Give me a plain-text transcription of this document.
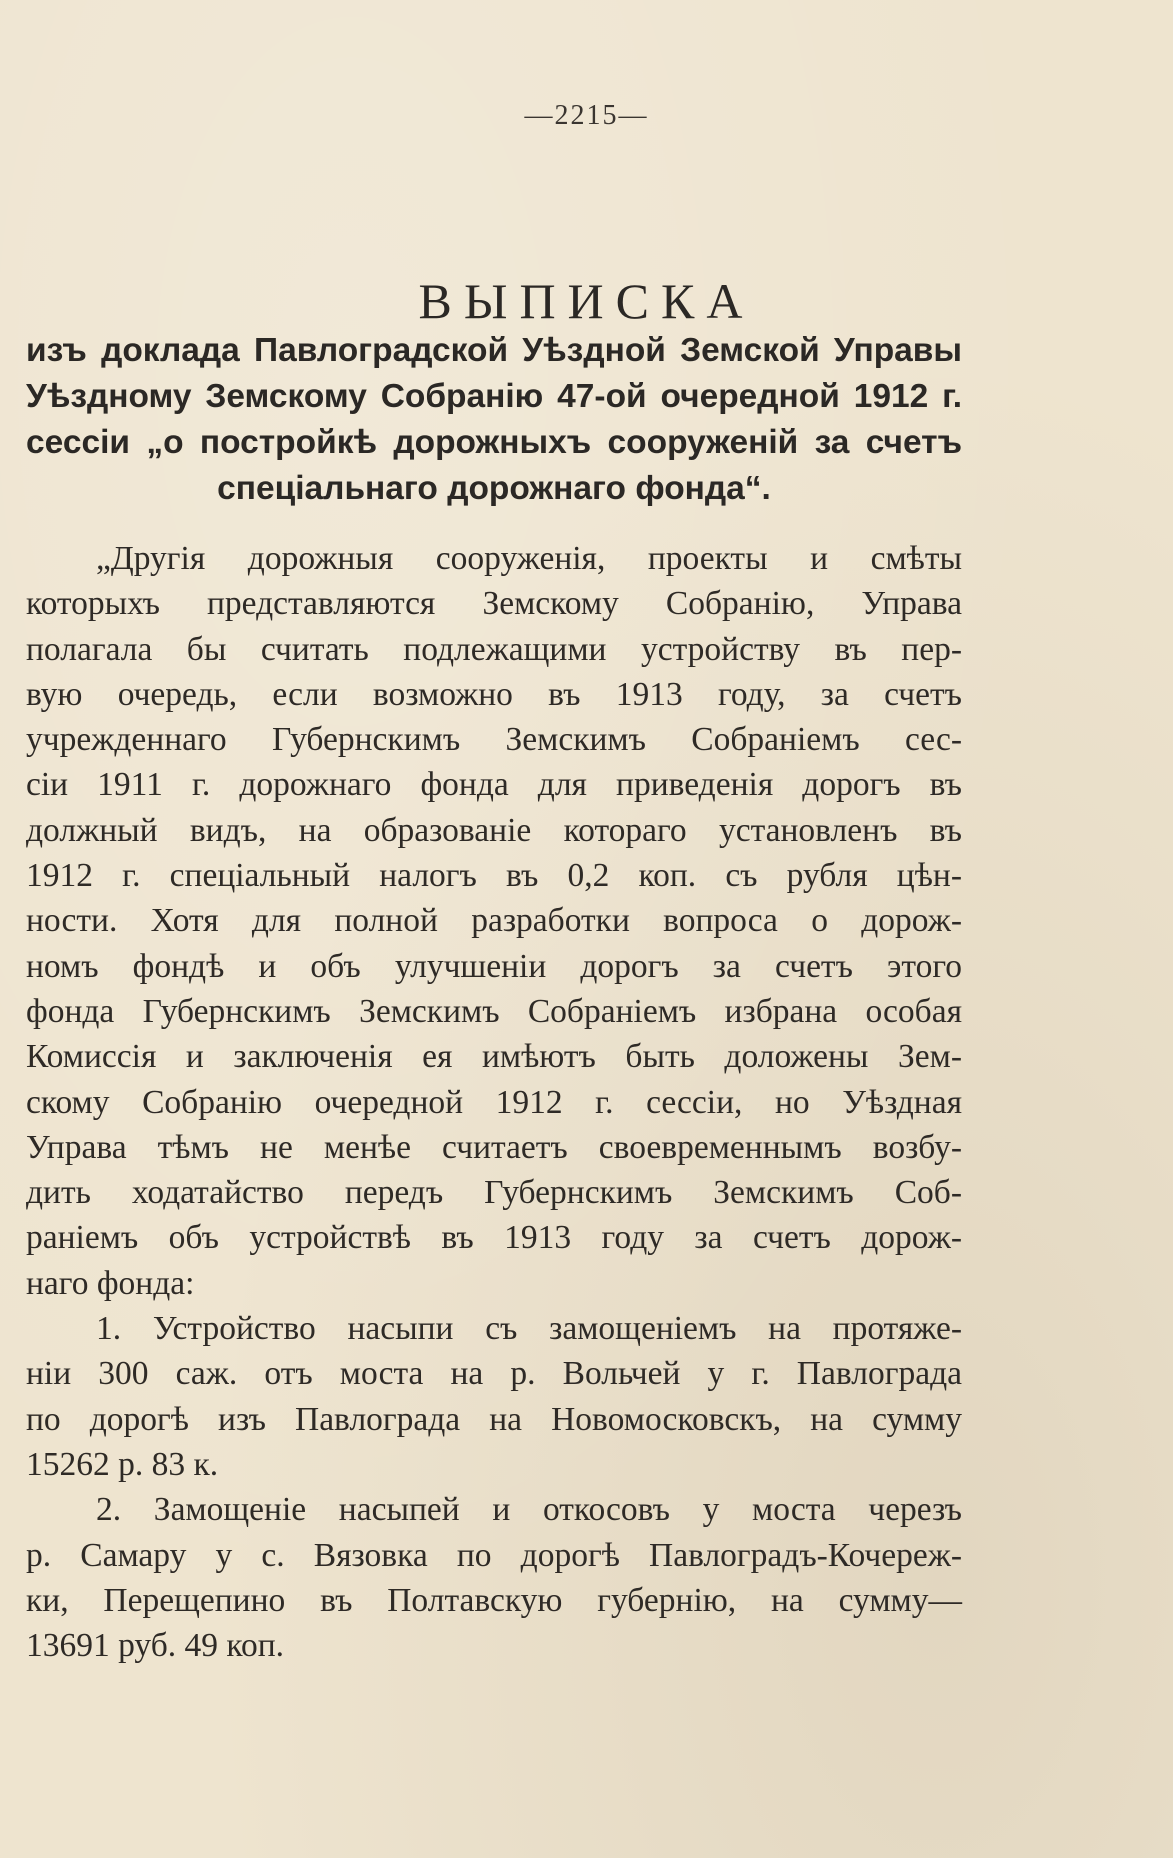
—2215—
ВЫПИСКА
изъ доклада Павлоградской Уѣздной Земской Управы
Уѣздному Земскому Собранію 47-ой очередной 1912 г.
сессіи „о постройкѣ дорожныхъ сооруженій за счетъ
спеціальнаго дорожнаго фонда“.
„Другія дорожныя сооруженія, проекты и смѣты
которыхъ представляются Земскому Собранію, Управа
полагала бы считать подлежащими устройству въ пер-
вую очередь, если возможно въ 1913 году, за счетъ
учрежденнаго Губернскимъ Земскимъ Собраніемъ сес-
сіи 1911 г. дорожнаго фонда для приведенія дорогъ въ
должный видъ, на образованіе котораго установленъ въ
1912 г. спеціальный налогъ въ 0,2 коп. съ рубля цѣн-
ности. Хотя для полной разработки вопроса о дорож-
номъ фондѣ и объ улучшеніи дорогъ за счетъ этого
фонда Губернскимъ Земскимъ Собраніемъ избрана особая
Комиссія и заключенія ея имѣютъ быть доложены Зем-
скому Собранію очередной 1912 г. сессіи, но Уѣздная
Управа тѣмъ не менѣе считаетъ своевременнымъ возбу-
дить ходатайство передъ Губернскимъ Земскимъ Соб-
раніемъ объ устройствѣ въ 1913 году за счетъ дорож-
наго фонда:
1. Устройство насыпи съ замощеніемъ на протяже-
ніи 300 саж. отъ моста на р. Вольчей у г. Павлограда
по дорогѣ изъ Павлограда на Новомосковскъ, на сумму
15262 р. 83 к.
2. Замощеніе насыпей и откосовъ у моста черезъ
р. Самару у с. Вязовка по дорогѣ Павлоградъ-Кочереж-
ки, Перещепино въ Полтавскую губернію, на сумму—
13691 руб. 49 коп.
